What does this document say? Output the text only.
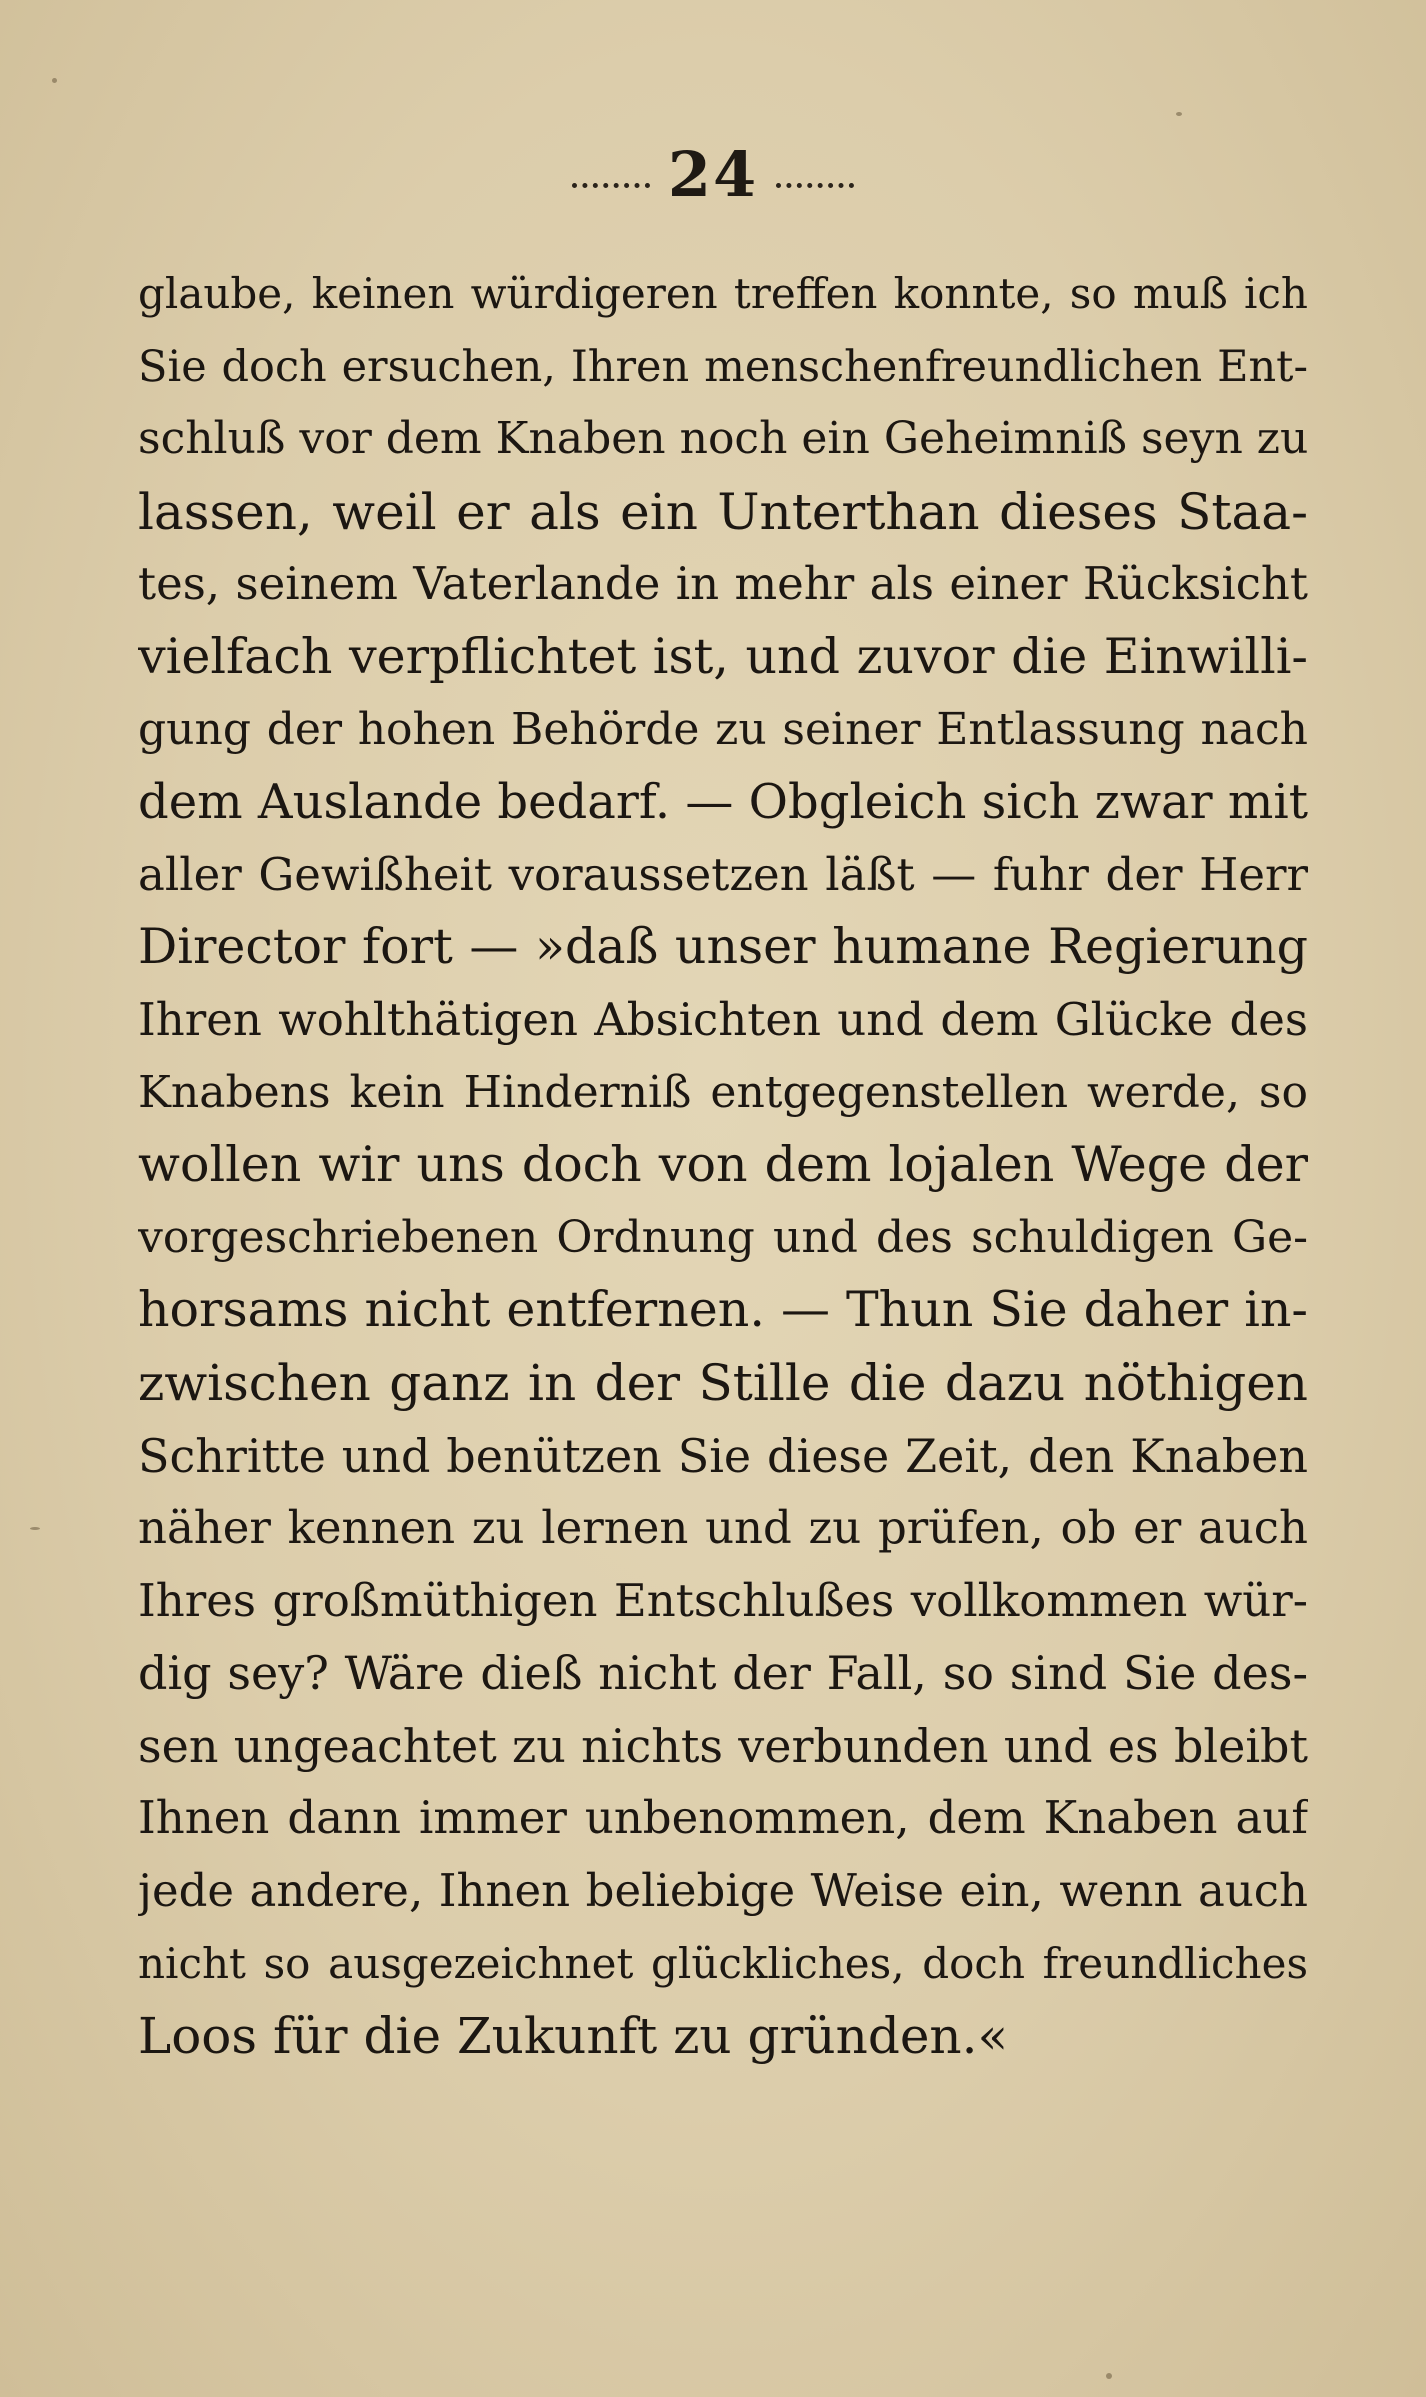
24
glaube, keinen würdigeren treffen konnte, so muß ich
Sie doch ersuchen, Ihren menschenfreundlichen Ent-
schluß vor dem Knaben noch ein Geheimniß seyn zu
lassen, weil er als ein Unterthan dieses Staa-
tes, seinem Vaterlande in mehr als einer Rücksicht
vielfach verpflichtet ist, und zuvor die Einwilli-
gung der hohen Behörde zu seiner Entlassung nach
dem Auslande bedarf. — Obgleich sich zwar mit
aller Gewißheit voraussetzen läßt — fuhr der Herr
Director fort — »daß unser humane Regierung
Ihren wohlthätigen Absichten und dem Glücke des
Knabens kein Hinderniß entgegenstellen werde, so
wollen wir uns doch von dem lojalen Wege der
vorgeschriebenen Ordnung und des schuldigen Ge-
horsams nicht entfernen. — Thun Sie daher in-
zwischen ganz in der Stille die dazu nöthigen
Schritte und benützen Sie diese Zeit, den Knaben
näher kennen zu lernen und zu prüfen, ob er auch
Ihres großmüthigen Entschlußes vollkommen wür-
dig sey? Wäre dieß nicht der Fall, so sind Sie des-
sen ungeachtet zu nichts verbunden und es bleibt
Ihnen dann immer unbenommen, dem Knaben auf
jede andere, Ihnen beliebige Weise ein, wenn auch
nicht so ausgezeichnet glückliches, doch freundliches
Loos für die Zukunft zu gründen.«
